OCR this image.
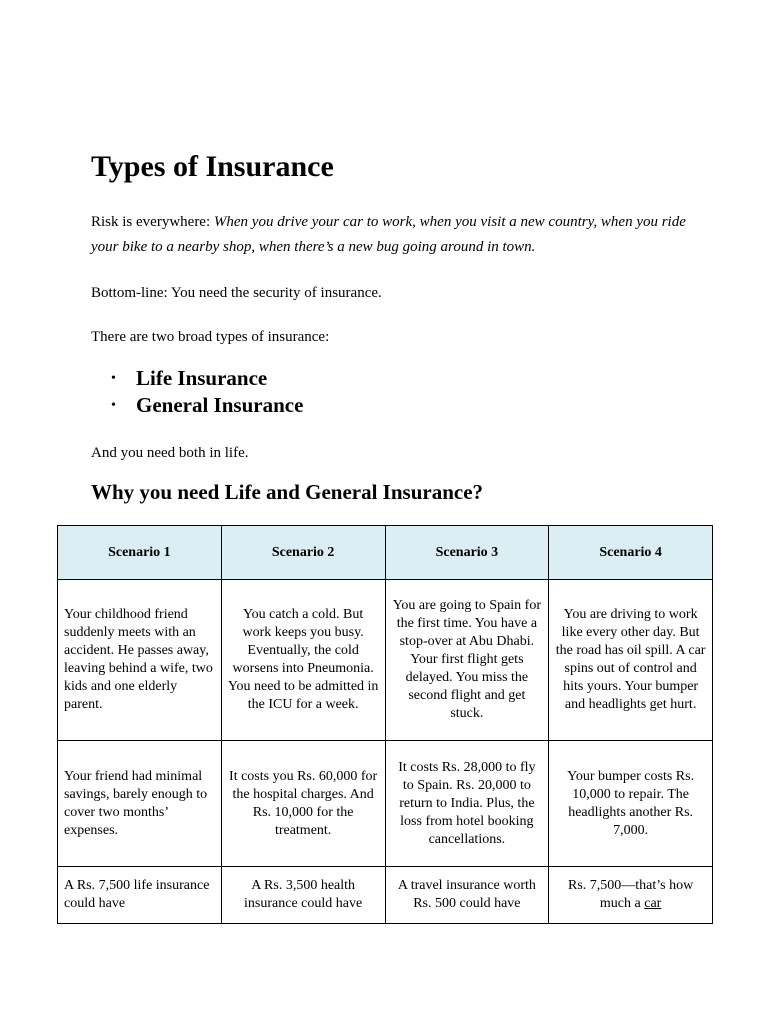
Types of Insurance

Risk is everywhere: When you drive your car to work, when you visit a new country, when you ride your bike to a nearby shop, when there’s a new bug going around in town.

Bottom-line: You need the security of insurance.

There are two broad types of insurance:

• Life Insurance
• General Insurance

And you need both in life.

Why you need Life and General Insurance?
Scenario 1	Scenario 2	Scenario 3	Scenario 4
Your childhood friend suddenly meets with an accident. He passes away, leaving behind a wife, two kids and one elderly parent.	You catch a cold. But work keeps you busy. Eventually, the cold worsens into Pneumonia. You need to be admitted in the ICU for a week.	You are going to Spain for the first time. You have a stop-over at Abu Dhabi. Your first flight gets delayed. You miss the second flight and get stuck.	You are driving to work like every other day. But the road has oil spill. A car spins out of control and hits yours. Your bumper and headlights get hurt.
Your friend had minimal savings, barely enough to cover two months’ expenses.	It costs you Rs. 60,000 for the hospital charges. And Rs. 10,000 for the treatment.	It costs Rs. 28,000 to fly to Spain. Rs. 20,000 to return to India. Plus, the loss from hotel booking cancellations.	Your bumper costs Rs. 10,000 to repair. The headlights another Rs. 7,000.
A Rs. 7,500 life insurance could have	A Rs. 3,500 health insurance could have	A travel insurance worth Rs. 500 could have	Rs. 7,500—that’s how much a car
